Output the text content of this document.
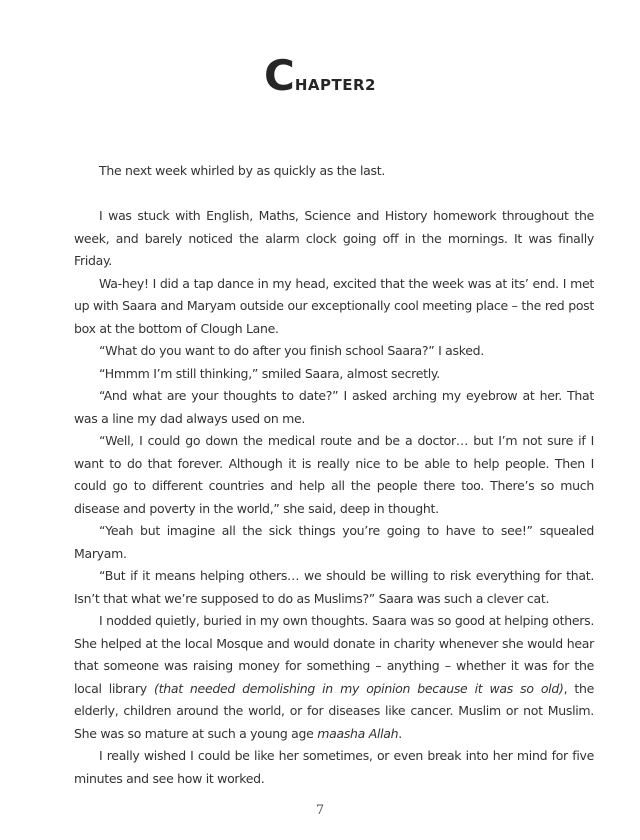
CHAPTER2

The next week whirled by as quickly as the last.

I was stuck with English, Maths, Science and History homework throughout the week, and barely noticed the alarm clock going off in the mornings. It was finally Friday.

Wa-hey! I did a tap dance in my head, excited that the week was at its’ end. I met up with Saara and Maryam outside our exceptionally cool meeting place – the red post box at the bottom of Clough Lane.

“What do you want to do after you finish school Saara?” I asked.

“Hmmm I’m still thinking,” smiled Saara, almost secretly.

“And what are your thoughts to date?” I asked arching my eyebrow at her. That was a line my dad always used on me.

“Well, I could go down the medical route and be a doctor… but I’m not sure if I want to do that forever. Although it is really nice to be able to help people. Then I could go to different countries and help all the people there too. There’s so much disease and poverty in the world,” she said, deep in thought.

“Yeah but imagine all the sick things you’re going to have to see!” squealed Maryam.

“But if it means helping others… we should be willing to risk everything for that. Isn’t that what we’re supposed to do as Muslims?” Saara was such a clever cat.

I nodded quietly, buried in my own thoughts. Saara was so good at helping others. She helped at the local Mosque and would donate in charity whenever she would hear that someone was raising money for something – anything – whether it was for the local library (that needed demolishing in my opinion because it was so old), the elderly, children around the world, or for diseases like cancer. Muslim or not Muslim. She was so mature at such a young age maasha Allah.

I really wished I could be like her sometimes, or even break into her mind for five minutes and see how it worked.

7
